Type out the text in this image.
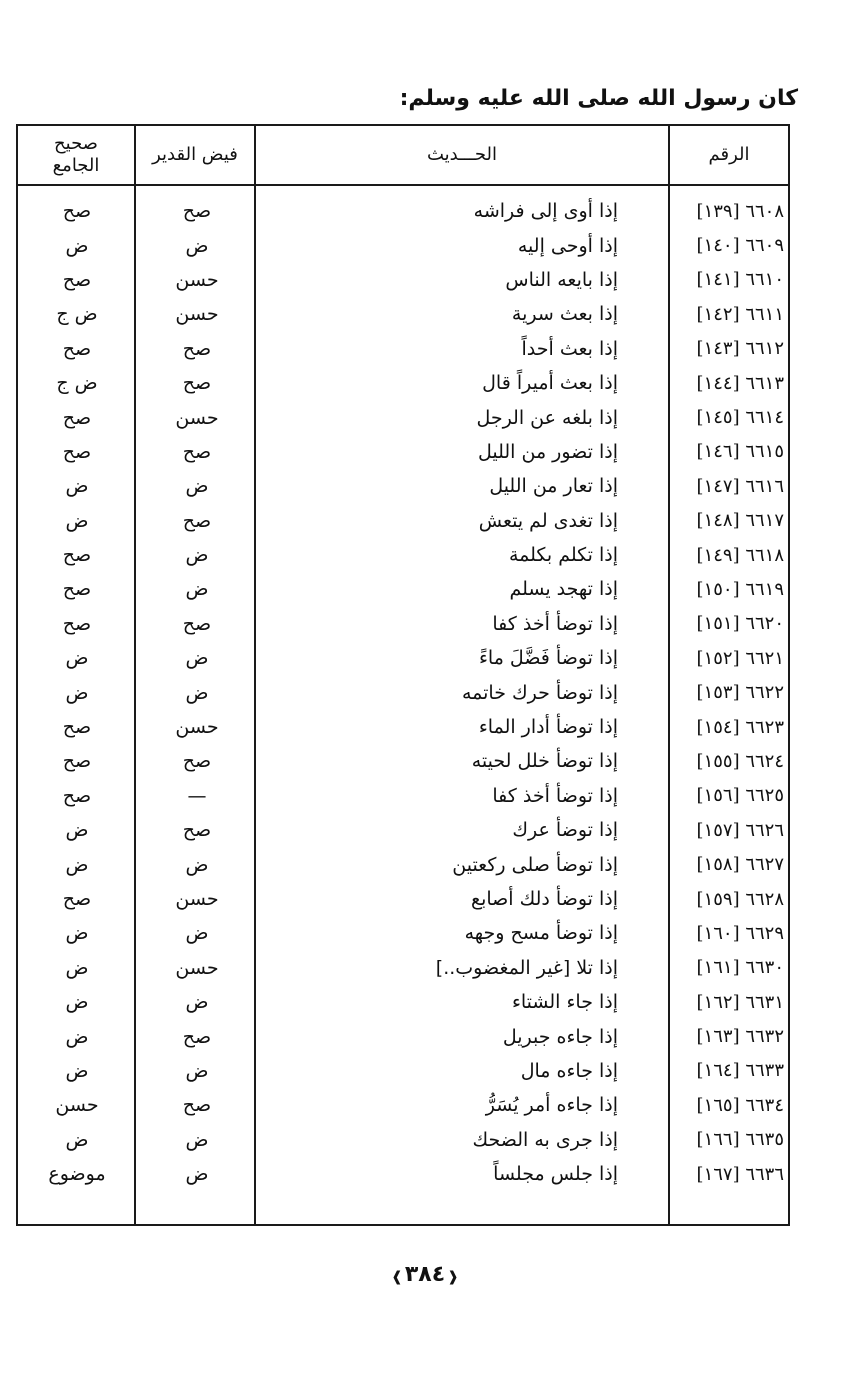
كان رسول الله صلى الله عليه وسلم:
الرقم
الحـــديث
فيض القدير
صحيح
الجامع
٦٦٠٨ [١٣٩]
إذا أوى إلى فراشه
صح
صح
٦٦٠٩ [١٤٠]
إذا أوحى إليه
ض
ض
٦٦١٠ [١٤١]
إذا بايعه الناس
حسن
صح
٦٦١١ [١٤٢]
إذا بعث سرية
حسن
ض ج
٦٦١٢ [١٤٣]
إذا بعث أحداً
صح
صح
٦٦١٣ [١٤٤]
إذا بعث أميراً قال
صح
ض ج
٦٦١٤ [١٤٥]
إذا بلغه عن الرجل
حسن
صح
٦٦١٥ [١٤٦]
إذا تضور من الليل
صح
صح
٦٦١٦ [١٤٧]
إذا تعار من الليل
ض
ض
٦٦١٧ [١٤٨]
إذا تغدى لم يتعش
صح
ض
٦٦١٨ [١٤٩]
إذا تكلم بكلمة
ض
صح
٦٦١٩ [١٥٠]
إذا تهجد يسلم
ض
صح
٦٦٢٠ [١٥١]
إذا توضأ أخذ كفا
صح
صح
٦٦٢١ [١٥٢]
إذا توضأ فَضَّلَ ماءً
ض
ض
٦٦٢٢ [١٥٣]
إذا توضأ حرك خاتمه
ض
ض
٦٦٢٣ [١٥٤]
إذا توضأ أدار الماء
حسن
صح
٦٦٢٤ [١٥٥]
إذا توضأ خلل لحيته
صح
صح
٦٦٢٥ [١٥٦]
إذا توضأ أخذ كفا
—
صح
٦٦٢٦ [١٥٧]
إذا توضأ عرك
صح
ض
٦٦٢٧ [١٥٨]
إذا توضأ صلى ركعتين
ض
ض
٦٦٢٨ [١٥٩]
إذا توضأ دلك أصابع
حسن
صح
٦٦٢٩ [١٦٠]
إذا توضأ مسح وجهه
ض
ض
٦٦٣٠ [١٦١]
إذا تلا [غير المغضوب..]
حسن
ض
٦٦٣١ [١٦٢]
إذا جاء الشتاء
ض
ض
٦٦٣٢ [١٦٣]
إذا جاءه جبريل
صح
ض
٦٦٣٣ [١٦٤]
إذا جاءه مال
ض
ض
٦٦٣٤ [١٦٥]
إذا جاءه أمر يُسَرُّ
صح
حسن
٦٦٣٥ [١٦٦]
إذا جرى به الضحك
ض
ض
٦٦٣٦ [١٦٧]
إذا جلس مجلساً
ض
موضوع
❰٣٨٤❱
